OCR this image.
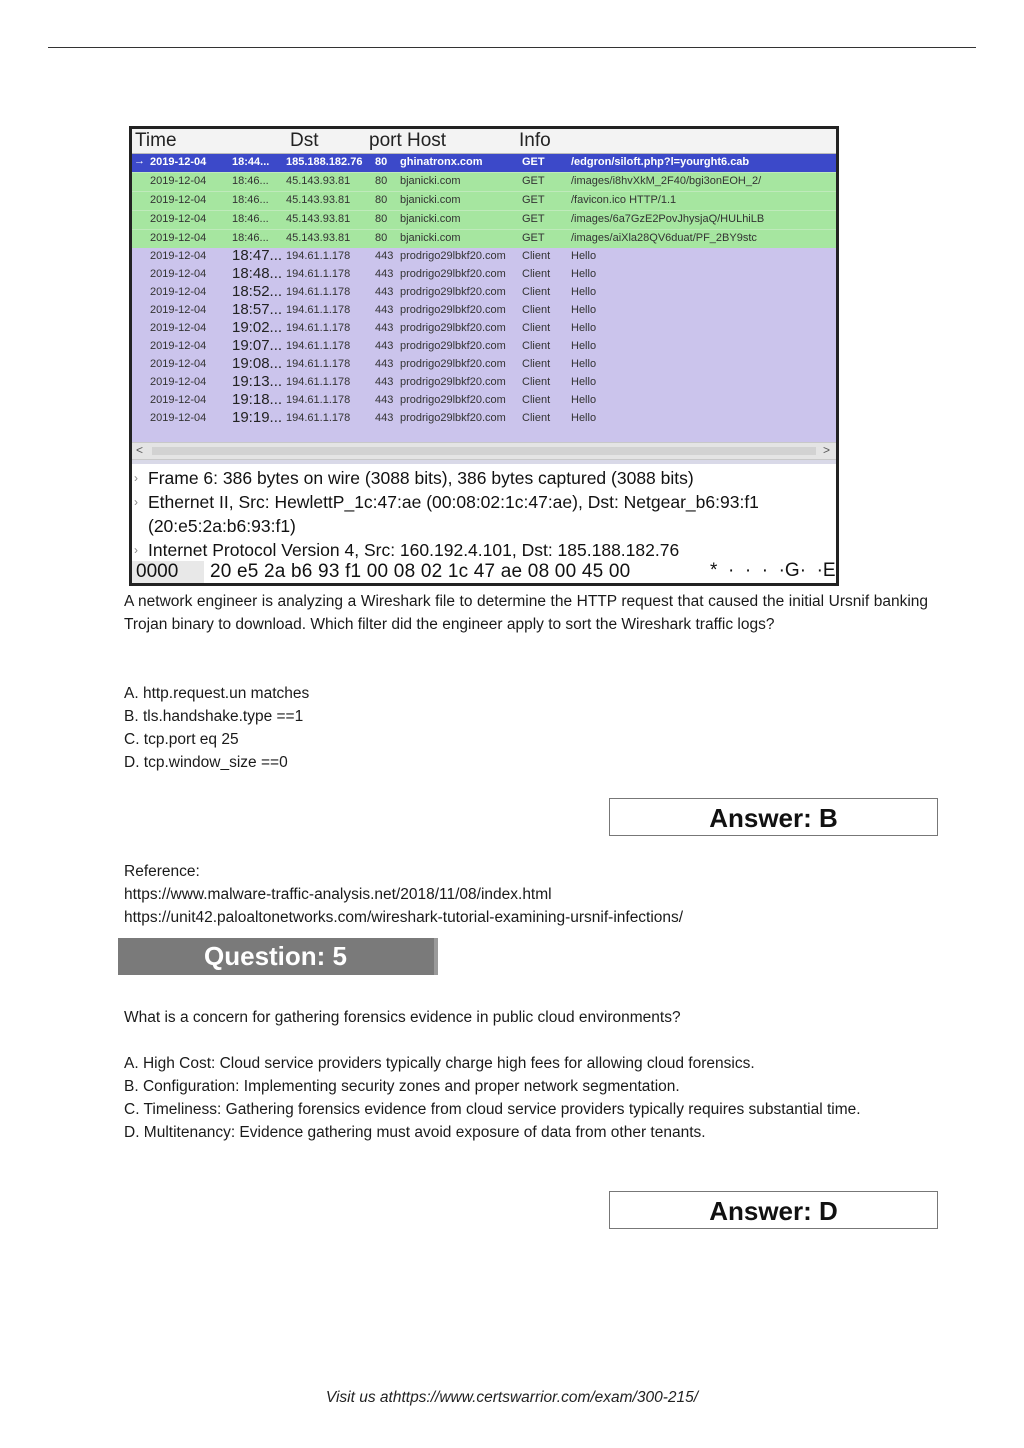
Time	Dst	port Host	Info
2019-12-04 18:44... 185.188.182.76 80 ghinatronx.com	GET /edgron/siloft.php?l=yourght6.cab
→
2019-12-04 18:46... 45.143.93.81 80 bjanicki.com	GET /images/i8hvXkM_2F40/bgi3onEOH_2/
2019-12-04 18:46... 45.143.93.81 80 bjanicki.com	GET /favicon.ico HTTP/1.1
2019-12-04 18:46... 45.143.93.81 80 bjanicki.com	GET /images/6a7GzE2PovJhysjaQ/HULhiLB
2019-12-04 18:46... 45.143.93.81 80 bjanicki.com	GET /images/aiXla28QV6duat/PF_2BY9stc
2019-12-04 18:47... 194.61.1.178 443 prodrigo29lbkf20.com Client Hello
2019-12-04 18:48... 194.61.1.178 443 prodrigo29lbkf20.com Client Hello
2019-12-04 18:52... 194.61.1.178 443 prodrigo29lbkf20.com Client Hello
2019-12-04 18:57... 194.61.1.178 443 prodrigo29lbkf20.com Client Hello
2019-12-04 19:02... 194.61.1.178 443 prodrigo29lbkf20.com Client Hello
2019-12-04 19:07... 194.61.1.178 443 prodrigo29lbkf20.com Client Hello
2019-12-04 19:08... 194.61.1.178 443 prodrigo29lbkf20.com Client Hello
2019-12-04 19:13... 194.61.1.178 443 prodrigo29lbkf20.com Client Hello
2019-12-04 19:18... 194.61.1.178 443 prodrigo29lbkf20.com Client Hello
2019-12-04 19:19... 194.61.1.178 443 prodrigo29lbkf20.com Client Hello
<	>
› Frame 6: 386 bytes on wire (3088 bits), 386 bytes captured (3088 bits)
› Ethernet II, Src: HewlettP_1c:47:ae (00:08:02:1c:47:ae), Dst: Netgear_b6:93:f1
(20:e5:2a:b6:93:f1)
› Internet Protocol Version 4, Src: 160.192.4.101, Dst: 185.188.182.76
0000	20 e5 2a b6 93 f1 00 08 02 1c 47 ae 08 00 45 00	*  ·  ·  ·  ·G·  ·E
A network engineer is analyzing a Wireshark file to determine the HTTP request that caused the initial Ursnif banking Trojan binary to download. Which filter did the engineer apply to sort the Wireshark traffic logs?
A. http.request.un matches
B. tls.handshake.type ==1
C. tcp.port eq 25
D. tcp.window_size ==0
Answer: B
Reference:
https://www.malware-traffic-analysis.net/2018/11/08/index.html
https://unit42.paloaltonetworks.com/wireshark-tutorial-examining-ursnif-infections/
Question: 5
What is a concern for gathering forensics evidence in public cloud environments?
A. High Cost: Cloud service providers typically charge high fees for allowing cloud forensics.
B. Configuration: Implementing security zones and proper network segmentation.
C. Timeliness: Gathering forensics evidence from cloud service providers typically requires substantial time.
D. Multitenancy: Evidence gathering must avoid exposure of data from other tenants.
Answer: D
Visit us athttps://www.certswarrior.com/exam/300-215/
